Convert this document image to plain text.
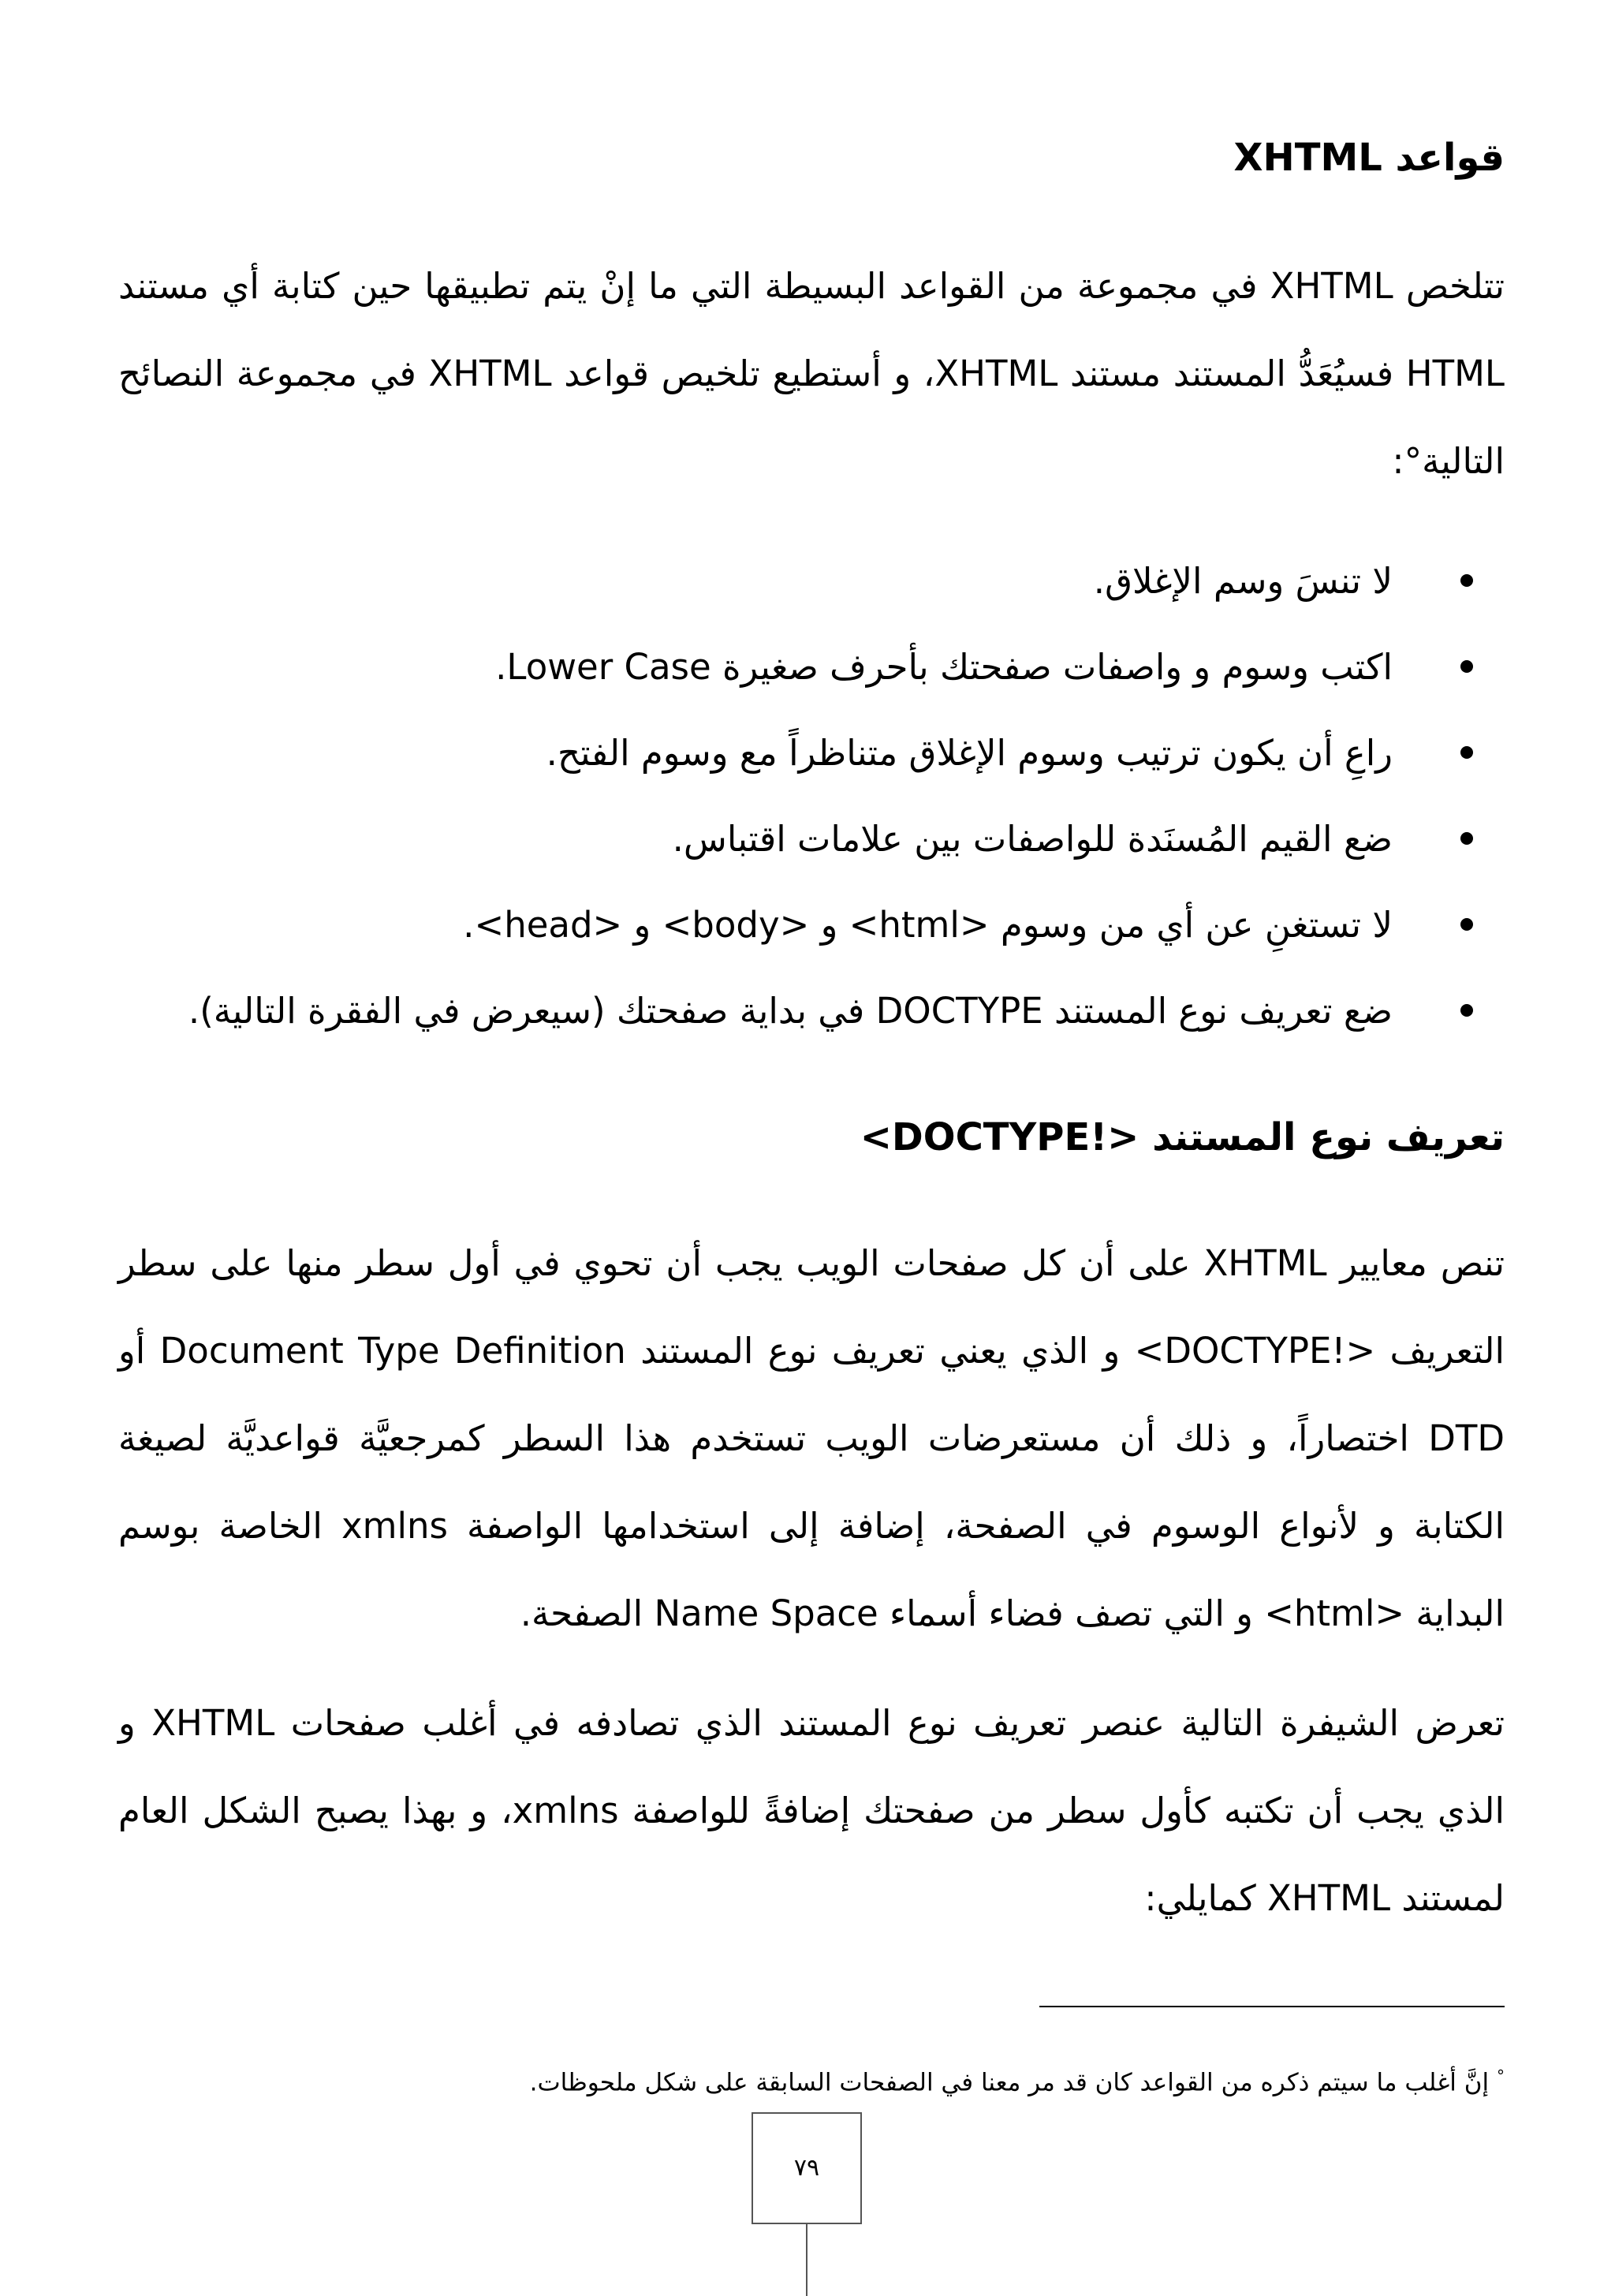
قواعد XHTML
تتلخص XHTML في مجموعة من القواعد البسيطة التي ما إنْ يتم تطبيقها حين كتابة أي مستند HTML فسيُعَدُّ المستند مستند XHTML، و أستطيع تلخيص قواعد XHTML في مجموعة النصائح التالية°:
لا تنسَ وسم الإغلاق.
اكتب وسوم و واصفات صفحتك بأحرف صغيرة Lower Case.
راعِ أن يكون ترتيب وسوم الإغلاق متناظراً مع وسوم الفتح.
ضع القيم المُسنَدة للواصفات بين علامات اقتباس.
لا تستغنِ عن أي من وسوم <html> و <body> و <head>.
ضع تعريف نوع المستند DOCTYPE في بداية صفحتك (سيعرض في الفقرة التالية).
تعريف نوع المستند <!DOCTYPE>
تنص معايير XHTML على أن كل صفحات الويب يجب أن تحوي في أول سطر منها على سطر التعريف <!DOCTYPE> و الذي يعني تعريف نوع المستند Document Type Definition أو DTD اختصاراً، و ذلك أن مستعرضات الويب تستخدم هذا السطر كمرجعيَّة قواعديَّة لصيغة الكتابة و لأنواع الوسوم في الصفحة، إضافة إلى استخدامها الواصفة xmlns الخاصة بوسم البداية <html> و التي تصف فضاء أسماء Name Space الصفحة.
تعرض الشيفرة التالية عنصر تعريف نوع المستند الذي تصادفه في أغلب صفحات XHTML و الذي يجب أن تكتبه كأول سطر من صفحتك إضافةً للواصفة xmlns، و بهذا يصبح الشكل العام لمستند XHTML كمايلي:
° إنَّ أغلب ما سيتم ذكره من القواعد كان قد مر معنا في الصفحات السابقة على شكل ملحوظات.
٧٩
